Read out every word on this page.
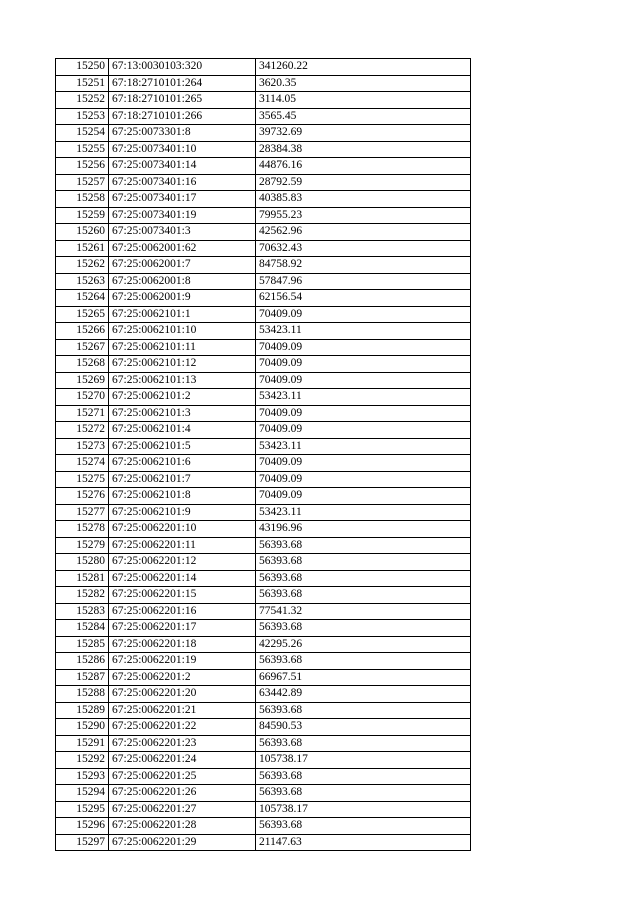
15250	67:13:0030103:320	341260.22
15251	67:18:2710101:264	3620.35
15252	67:18:2710101:265	3114.05
15253	67:18:2710101:266	3565.45
15254	67:25:0073301:8	39732.69
15255	67:25:0073401:10	28384.38
15256	67:25:0073401:14	44876.16
15257	67:25:0073401:16	28792.59
15258	67:25:0073401:17	40385.83
15259	67:25:0073401:19	79955.23
15260	67:25:0073401:3	42562.96
15261	67:25:0062001:62	70632.43
15262	67:25:0062001:7	84758.92
15263	67:25:0062001:8	57847.96
15264	67:25:0062001:9	62156.54
15265	67:25:0062101:1	70409.09
15266	67:25:0062101:10	53423.11
15267	67:25:0062101:11	70409.09
15268	67:25:0062101:12	70409.09
15269	67:25:0062101:13	70409.09
15270	67:25:0062101:2	53423.11
15271	67:25:0062101:3	70409.09
15272	67:25:0062101:4	70409.09
15273	67:25:0062101:5	53423.11
15274	67:25:0062101:6	70409.09
15275	67:25:0062101:7	70409.09
15276	67:25:0062101:8	70409.09
15277	67:25:0062101:9	53423.11
15278	67:25:0062201:10	43196.96
15279	67:25:0062201:11	56393.68
15280	67:25:0062201:12	56393.68
15281	67:25:0062201:14	56393.68
15282	67:25:0062201:15	56393.68
15283	67:25:0062201:16	77541.32
15284	67:25:0062201:17	56393.68
15285	67:25:0062201:18	42295.26
15286	67:25:0062201:19	56393.68
15287	67:25:0062201:2	66967.51
15288	67:25:0062201:20	63442.89
15289	67:25:0062201:21	56393.68
15290	67:25:0062201:22	84590.53
15291	67:25:0062201:23	56393.68
15292	67:25:0062201:24	105738.17
15293	67:25:0062201:25	56393.68
15294	67:25:0062201:26	56393.68
15295	67:25:0062201:27	105738.17
15296	67:25:0062201:28	56393.68
15297	67:25:0062201:29	21147.63
